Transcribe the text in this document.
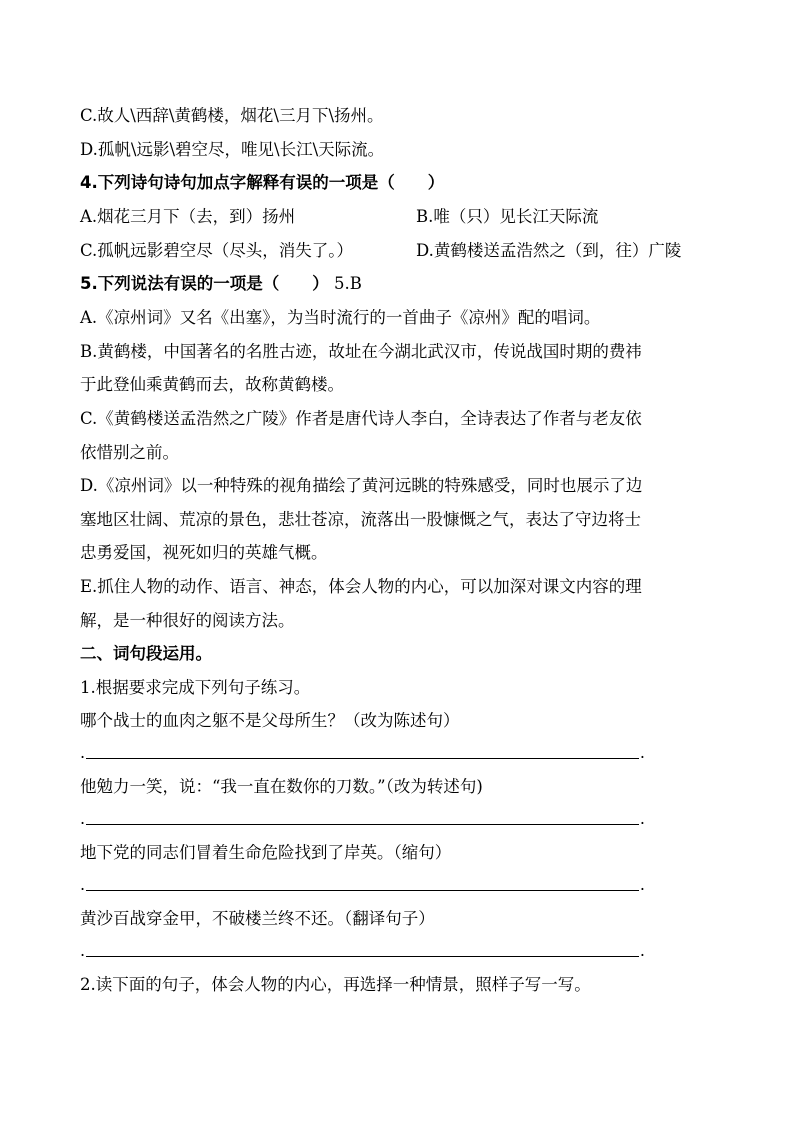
C.故人\西辞\黄鹤楼，烟花\三月下\扬州。
D.孤帆\远影\碧空尽，唯见\长江\天际流。
4.下列诗句诗句加点字解释有误的一项是（　　）
A.烟花三月下（去，到）扬州	B.唯（只）见长江天际流
C.孤帆远影碧空尽（尽头，消失了。）	D.黄鹤楼送孟浩然之（到，往）广陵
5.下列说法有误的一项是（　　） 5.B
A.《凉州词》又名《出塞》，为当时流行的一首曲子《凉州》配的唱词。
B.黄鹤楼，中国著名的名胜古迹，故址在今湖北武汉市，传说战国时期的费祎
于此登仙乘黄鹤而去，故称黄鹤楼。
C.《黄鹤楼送孟浩然之广陵》作者是唐代诗人李白，全诗表达了作者与老友依
依惜别之前。
D.《凉州词》以一种特殊的视角描绘了黄河远眺的特殊感受，同时也展示了边
塞地区壮阔、荒凉的景色，悲壮苍凉，流落出一股慷慨之气，表达了守边将士
忠勇爱国，视死如归的英雄气概。
E.抓住人物的动作、语言、神态，体会人物的内心，可以加深对课文内容的理
解，是一种很好的阅读方法。
二、词句段运用。
1.根据要求完成下列句子练习。
哪个战士的血肉之躯不是父母所生？（改为陈述句）
.	.
他勉力一笑，说：“我一直在数你的刀数。”（改为转述句)
.	.
地下党的同志们冒着生命危险找到了岸英。（缩句）
.	.
黄沙百战穿金甲，不破楼兰终不还。（翻译句子）
.	.
2.读下面的句子，体会人物的内心，再选择一种情景，照样子写一写。
